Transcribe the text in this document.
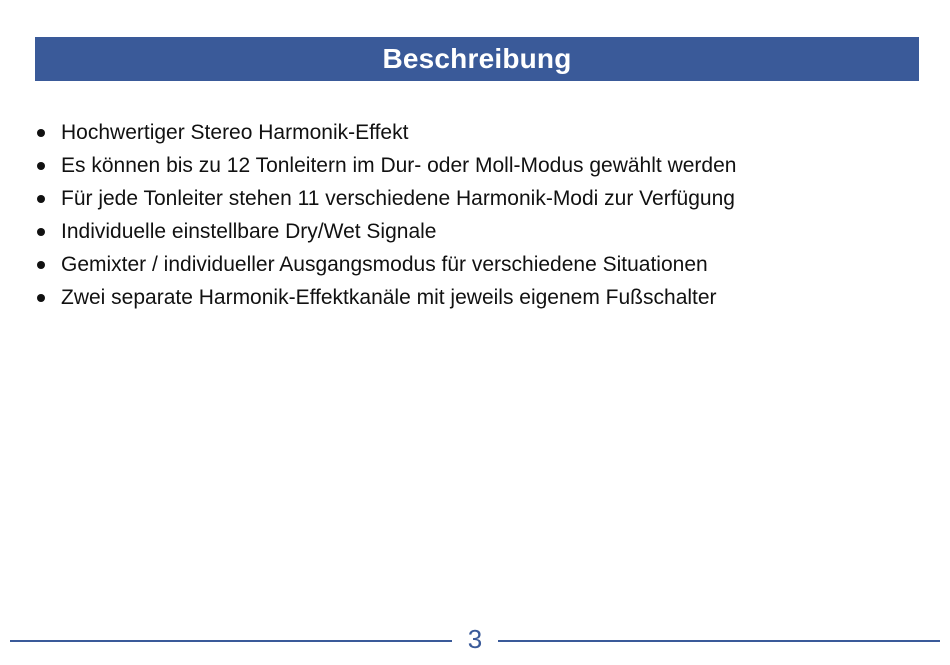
Beschreibung
Hochwertiger Stereo Harmonik-Effekt
Es können bis zu 12 Tonleitern im Dur- oder Moll-Modus gewählt werden
Für jede Tonleiter stehen 11 verschiedene Harmonik-Modi zur Verfügung
Individuelle einstellbare Dry/Wet Signale
Gemixter / individueller Ausgangsmodus für verschiedene Situationen
Zwei separate Harmonik-Effektkanäle mit jeweils eigenem Fußschalter
3
